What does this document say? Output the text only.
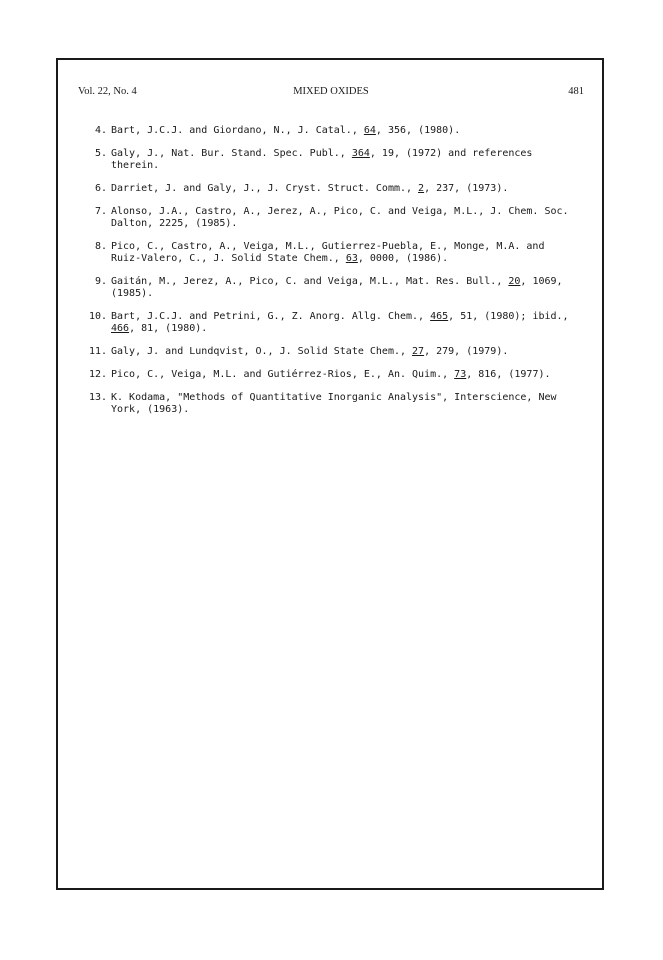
Vol. 22, No. 4	MIXED OXIDES	481
4. Bart, J.C.J. and Giordano, N., J. Catal., 64, 356, (1980).
5. Galy, J., Nat. Bur. Stand. Spec. Publ., 364, 19, (1972) and references therein.
6. Darriet, J. and Galy, J., J. Cryst. Struct. Comm., 2, 237, (1973).
7. Alonso, J.A., Castro, A., Jerez, A., Pico, C. and Veiga, M.L., J. Chem. Soc. Dalton, 2225, (1985).
8. Pico, C., Castro, A., Veiga, M.L., Gutierrez-Puebla, E., Monge, M.A. and Ruiz-Valero, C., J. Solid State Chem., 63, 0000, (1986).
9. Gaitán, M., Jerez, A., Pico, C. and Veiga, M.L., Mat. Res. Bull., 20, 1069, (1985).
10. Bart, J.C.J. and Petrini, G., Z. Anorg. Allg. Chem., 465, 51, (1980); ibid., 466, 81, (1980).
11. Galy, J. and Lundqvist, O., J. Solid State Chem., 27, 279, (1979).
12. Pico, C., Veiga, M.L. and Gutiérrez-Rios, E., An. Quim., 73, 816, (1977).
13. K. Kodama, "Methods of Quantitative Inorganic Analysis", Interscience, New York, (1963).
